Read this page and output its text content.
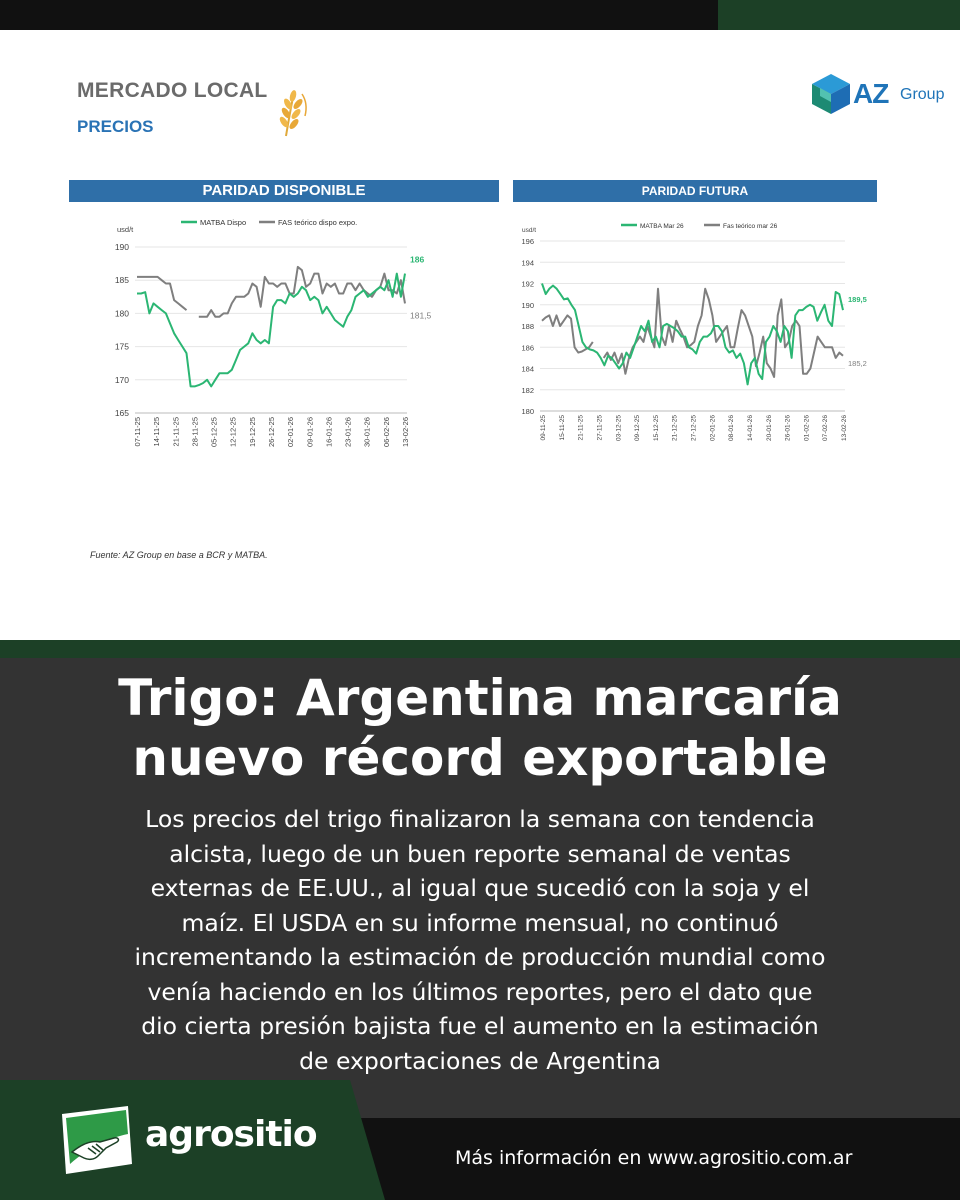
MERCADO LOCAL
PRECIOS
AZ Group
PARIDAD DISPONIBLE	PARIDAD FUTURA
165
170
175
180
185
190
usd/t
07-11-25 14-11-25 21-11-25 28-11-25 05-12-25 12-12-25 19-12-25 26-12-25 02-01-26 09-01-26 16-01-26 23-01-26 30-01-26 06-02-26 13-02-26
MATBA Dispo	FAS teórico dispo expo.
186
181,5
180
182
184
186
188
190
192
194
196
usd/t
09-11-25 15-11-25 21-11-25 27-11-25 03-12-25 09-12-25 15-12-25 21-12-25 27-12-25 02-01-26 08-01-26 14-01-26 20-01-26 26-01-26 01-02-26 07-02-26 13-02-26
MATBA Mar 26	Fas teórico mar 26
189,5
185,2
Fuente: AZ Group en base a BCR y MATBA.
Trigo: Argentina marcaría
nuevo récord exportable
Los precios del trigo finalizaron la semana con tendencia
alcista, luego de un buen reporte semanal de ventas
externas de EE.UU., al igual que sucedió con la soja y el
maíz. El USDA en su informe mensual, no continuó
incrementando la estimación de producción mundial como
venía haciendo en los últimos reportes, pero el dato que
dio cierta presión bajista fue el aumento en la estimación
de exportaciones de Argentina
agrositio
Más información en www.agrositio.com.ar
